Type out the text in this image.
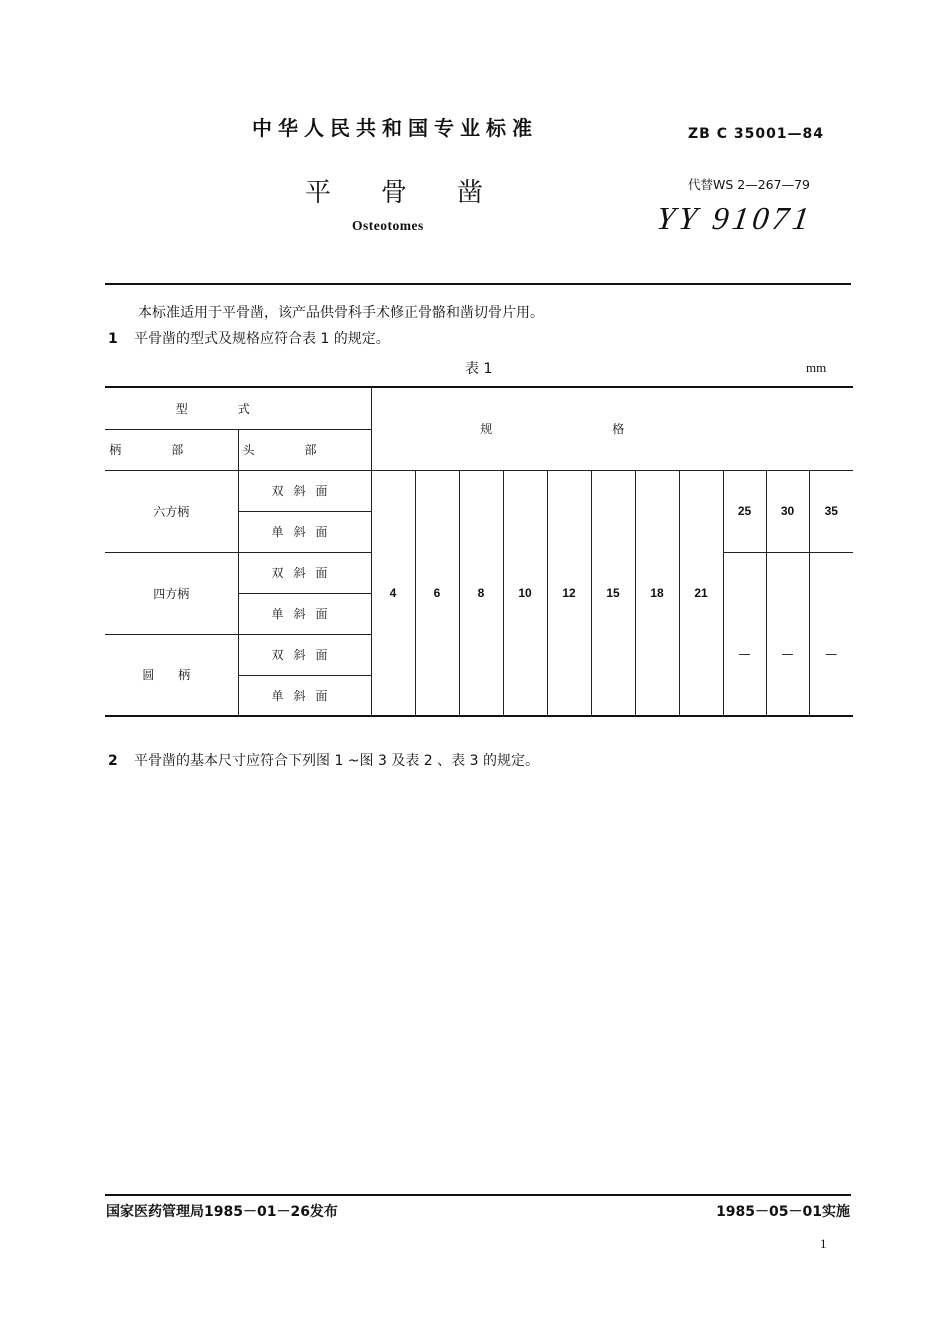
中华人民共和国专业标准	ZB C 35001—84
平骨凿	代替WS 2—267—79
Osteotomes	YY 91071
本标准适用于平骨凿，该产品供骨科手术修正骨骼和凿切骨片用。
1 平骨凿的型式及规格应符合表 1 的规定。
表 1	mm
型式		规格										
柄部	头部											
六方柄	双斜面	4	6	8	10	12	15	18	21	25	30	35
	单斜面											
四方柄	双斜面									—	—	—
	单斜面											
圆 柄	双斜面											
	单斜面											
2 平骨凿的基本尺寸应符合下列图 1 ~图 3 及表 2 、表 3 的规定。
国家医药管理局1985－01－26发布	1985－05－01实施
1
